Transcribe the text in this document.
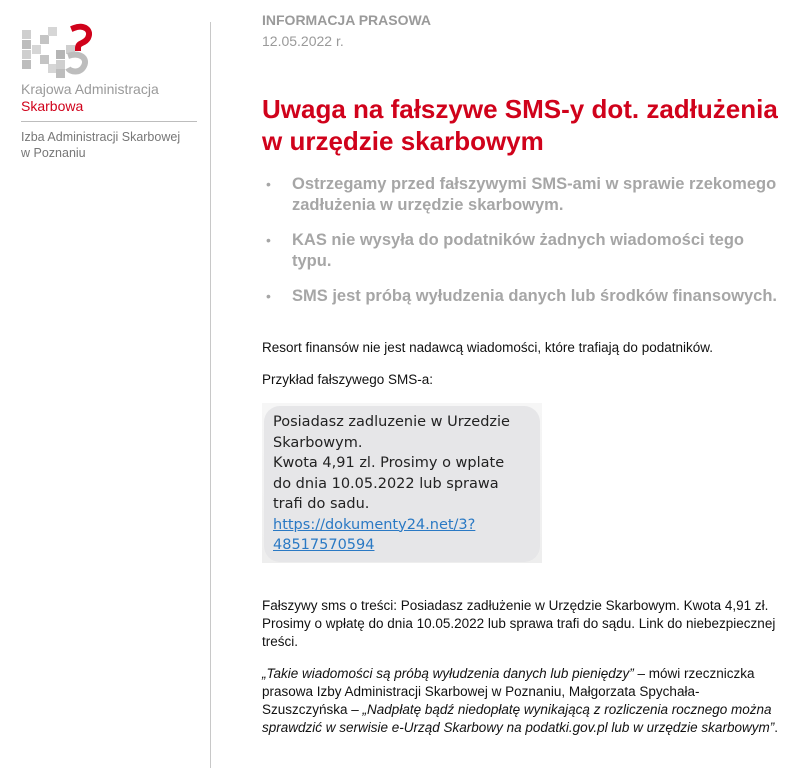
Krajowa Administracja
Skarbowa
Izba Administracji Skarbowej
w Poznaniu
INFORMACJA PRASOWA
12.05.2022 r.
Uwaga na fałszywe SMS-y dot. zadłużenia w urzędzie skarbowym
• Ostrzegamy przed fałszywymi SMS-ami w sprawie rzekomego zadłużenia w urzędzie skarbowym.
• KAS nie wysyła do podatników żadnych wiadomości tego typu.
• SMS jest próbą wyłudzenia danych lub środków finansowych.

Resort finansów nie jest nadawcą wiadomości, które trafiają do podatników.

Przykład fałszywego SMS-a:

Posiadasz zadluzenie w Urzedzie
Skarbowym.
Kwota 4,91 zl. Prosimy o wplate
do dnia 10.05.2022 lub sprawa
trafi do sadu.
https://dokumenty24.net/3?
48517570594

Fałszywy sms o treści: Posiadasz zadłużenie w Urzędzie Skarbowym. Kwota 4,91 zł. Prosimy o wpłatę do dnia 10.05.2022 lub sprawa trafi do sądu. Link do niebezpiecznej treści.

„Takie wiadomości są próbą wyłudzenia danych lub pieniędzy” – mówi rzeczniczka prasowa Izby Administracji Skarbowej w Poznaniu, Małgorzata Spychała-Szuszczyńska – „Nadpłatę bądź niedopłatę wynikającą z rozliczenia rocznego można sprawdzić w serwisie e-Urząd Skarbowy na podatki.gov.pl lub w urzędzie skarbowym”.
